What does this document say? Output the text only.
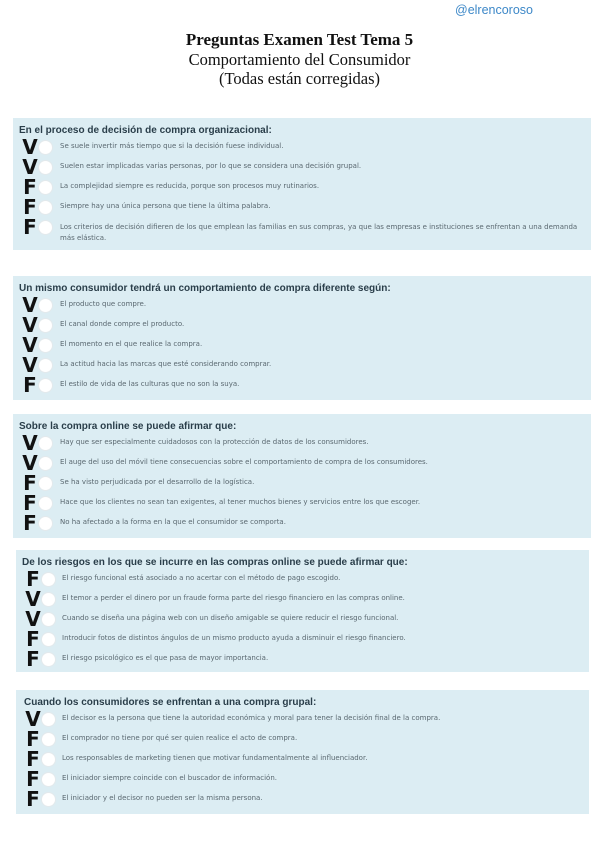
@elrencoroso
Preguntas Examen Test Tema 5
Comportamiento del Consumidor
(Todas están corregidas)
En el proceso de decisión de compra organizacional:
V	Se suele invertir más tiempo que si la decisión fuese individual.
V	Suelen estar implicadas varias personas, por lo que se considera una decisión grupal.
F	La complejidad siempre es reducida, porque son procesos muy rutinarios.
F	Siempre hay una única persona que tiene la última palabra.
F	Los criterios de decisión difieren de los que emplean las familias en sus compras, ya que las empresas e instituciones se enfrentan a una demanda más elástica.
Un mismo consumidor tendrá un comportamiento de compra diferente según:
V	El producto que compre.
V	El canal donde compre el producto.
V	El momento en el que realice la compra.
V	La actitud hacia las marcas que esté considerando comprar.
F	El estilo de vida de las culturas que no son la suya.
Sobre la compra online se puede afirmar que:
V	Hay que ser especialmente cuidadosos con la protección de datos de los consumidores.
V	El auge del uso del móvil tiene consecuencias sobre el comportamiento de compra de los consumidores.
F	Se ha visto perjudicada por el desarrollo de la logística.
F	Hace que los clientes no sean tan exigentes, al tener muchos bienes y servicios entre los que escoger.
F	No ha afectado a la forma en la que el consumidor se comporta.
De los riesgos en los que se incurre en las compras online se puede afirmar que:
F	El riesgo funcional está asociado a no acertar con el método de pago escogido.
V	El temor a perder el dinero por un fraude forma parte del riesgo financiero en las compras online.
V	Cuando se diseña una página web con un diseño amigable se quiere reducir el riesgo funcional.
F	Introducir fotos de distintos ángulos de un mismo producto ayuda a disminuir el riesgo financiero.
F	El riesgo psicológico es el que pasa de mayor importancia.
Cuando los consumidores se enfrentan a una compra grupal:
V	El decisor es la persona que tiene la autoridad económica y moral para tener la decisión final de la compra.
F	El comprador no tiene por qué ser quien realice el acto de compra.
F	Los responsables de marketing tienen que motivar fundamentalmente al influenciador.
F	El iniciador siempre coincide con el buscador de información.
F	El iniciador y el decisor no pueden ser la misma persona.
